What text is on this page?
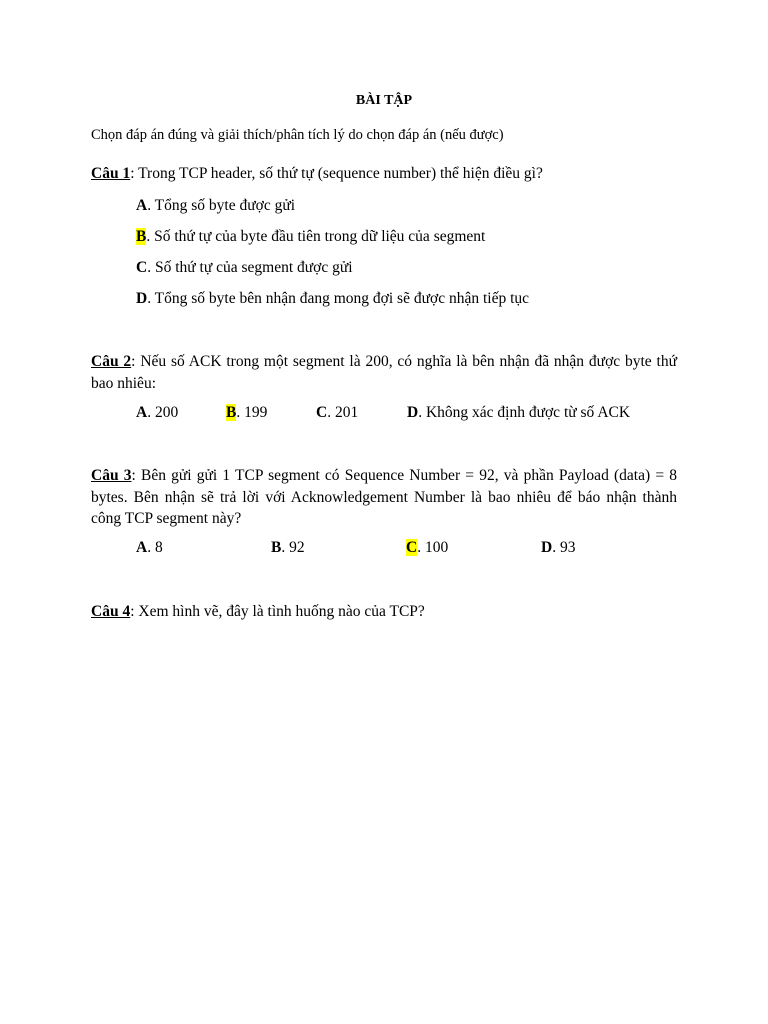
BÀI TẬP
Chọn đáp án đúng và giải thích/phân tích lý do chọn đáp án (nếu được)
Câu 1: Trong TCP header, số thứ tự (sequence number) thể hiện điều gì?
A. Tổng số byte được gửi
B. Số thứ tự của byte đầu tiên trong dữ liệu của segment
C. Số thứ tự của segment được gửi
D. Tổng số byte bên nhận đang mong đợi sẽ được nhận tiếp tục
Câu 2: Nếu số ACK trong một segment là 200, có nghĩa là bên nhận đã nhận được byte thứ bao nhiêu:
A. 200	B. 199	C. 201	D. Không xác định được từ số ACK
Câu 3: Bên gửi gửi 1 TCP segment có Sequence Number = 92, và phần Payload (data) = 8 bytes. Bên nhận sẽ trả lời với Acknowledgement Number là bao nhiêu để báo nhận thành công TCP segment này?
A. 8	B. 92	C. 100	D. 93
Câu 4: Xem hình vẽ, đây là tình huống nào của TCP?
